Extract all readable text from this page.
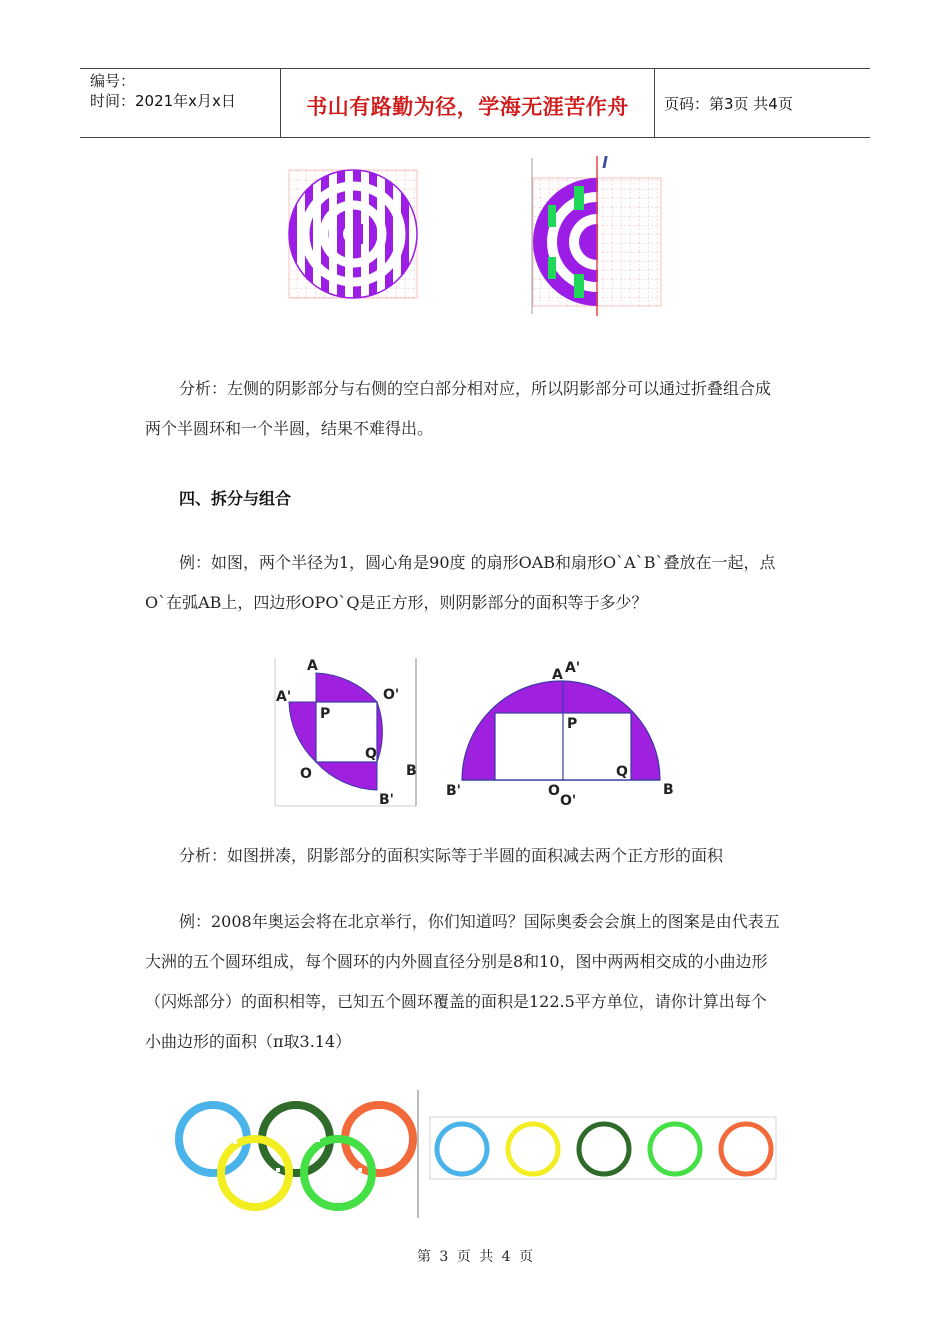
编号：
时间：2021年x月x日	书山有路勤为径，学海无涯苦作舟	页码：第3页 共4页
l

分析：左侧的阴影部分与右侧的空白部分相对应，所以阴影部分可以通过折叠组合成

两个半圆环和一个半圆，结果不难得出。
四、拆分与组合

例：如图，两个半径为1，圆心角是90度 的扇形OAB和扇形O`A`B`叠放在一起，点

O`在弧AB上，四边形OPO`Q是正方形，则阴影部分的面积等于多少？
A
A'	O'
P
Q
O	B
B'
A A'
P
Q
B'	O
O'
B

分析：如图拼凑，阴影部分的面积实际等于半圆的面积减去两个正方形的面积

例：2008年奥运会将在北京举行，你们知道吗？国际奥委会会旗上的图案是由代表五

大洲的五个圆环组成，每个圆环的内外圆直径分别是8和10，图中两两相交成的小曲边形
（闪烁部分）的面积相等，已知五个圆环覆盖的面积是122.5平方单位，请你计算出每个
小曲边形的面积（π取3.14）
第 3 页 共 4 页
